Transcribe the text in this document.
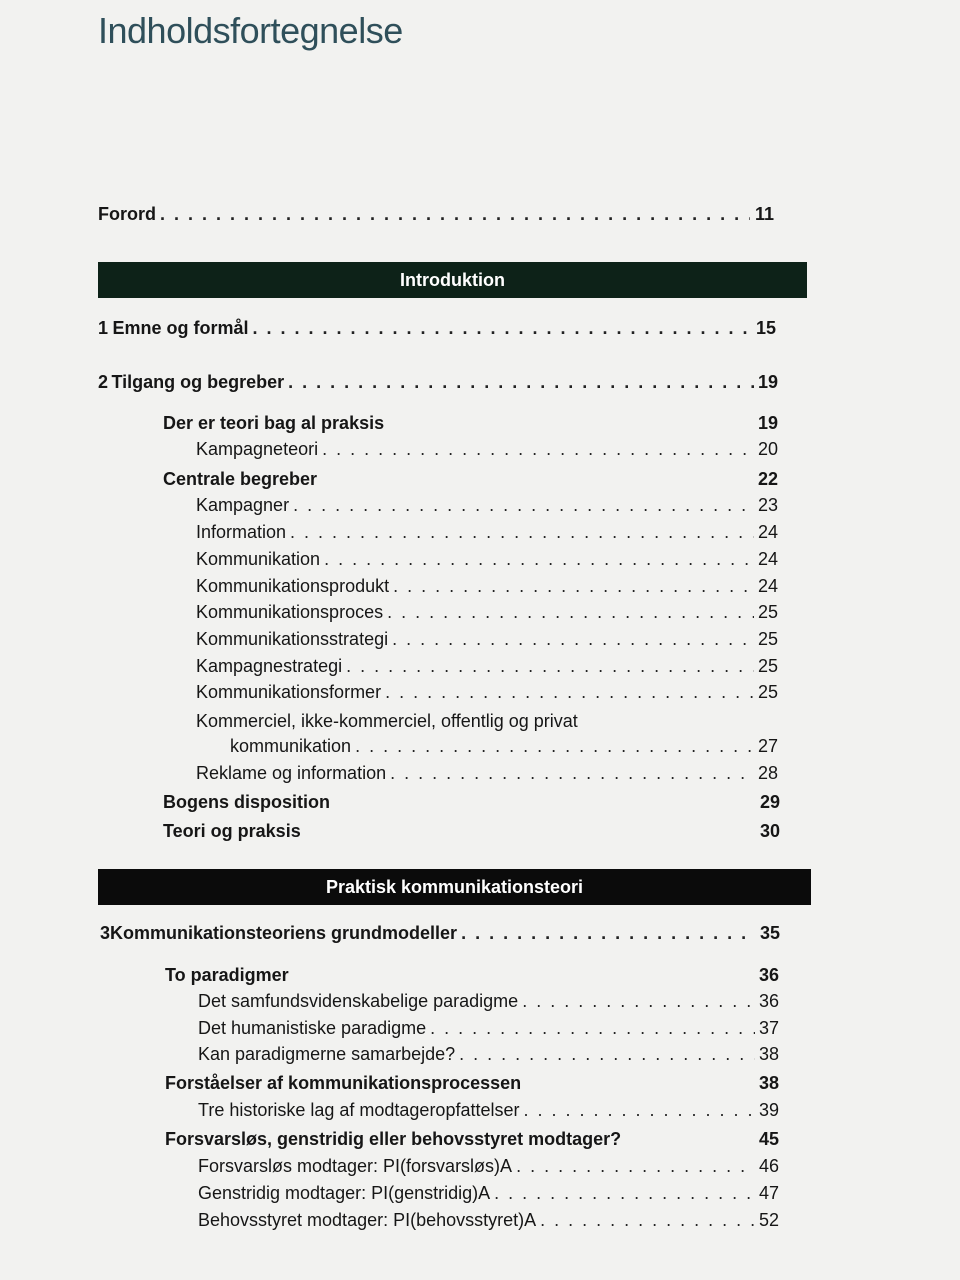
Indholdsfortegnelse
Forord . . .	11
Introduktion
1 Emne og formål . . .	15
2 Tilgang og begreber . . .	19
Der er teori bag al praksis	19
Kampagneteori . . .	20
Centrale begreber	22
Kampagner . . .	23
Information . . .	24
Kommunikation . . .	24
Kommunikationsprodukt . . .	24
Kommunikationsproces . . .	25
Kommunikationsstrategi . . .	25
Kampagnestrategi . . .	25
Kommunikationsformer . . .	25
Kommerciel, ikke-kommerciel, offentlig og privat
kommunikation . . .	27
Reklame og information . . .	28
Bogens disposition	29
Teori og praksis	30
Praktisk kommunikationsteori
3 Kommunikationsteoriens grundmodeller . . .	35
To paradigmer	36
Det samfundsvidenskabelige paradigme . . .	36
Det humanistiske paradigme . . .	37
Kan paradigmerne samarbejde? . . .	38
Forståelser af kommunikationsprocessen	38
Tre historiske lag af modtageropfattelser . . .	39
Forsvarsløs, genstridig eller behovsstyret modtager?	45
Forsvarsløs modtager: PI(forsvarsløs)A . . .	46
Genstridig modtager: PI(genstridig)A . . .	47
Behovsstyret modtager: PI(behovsstyret)A . . .	52
